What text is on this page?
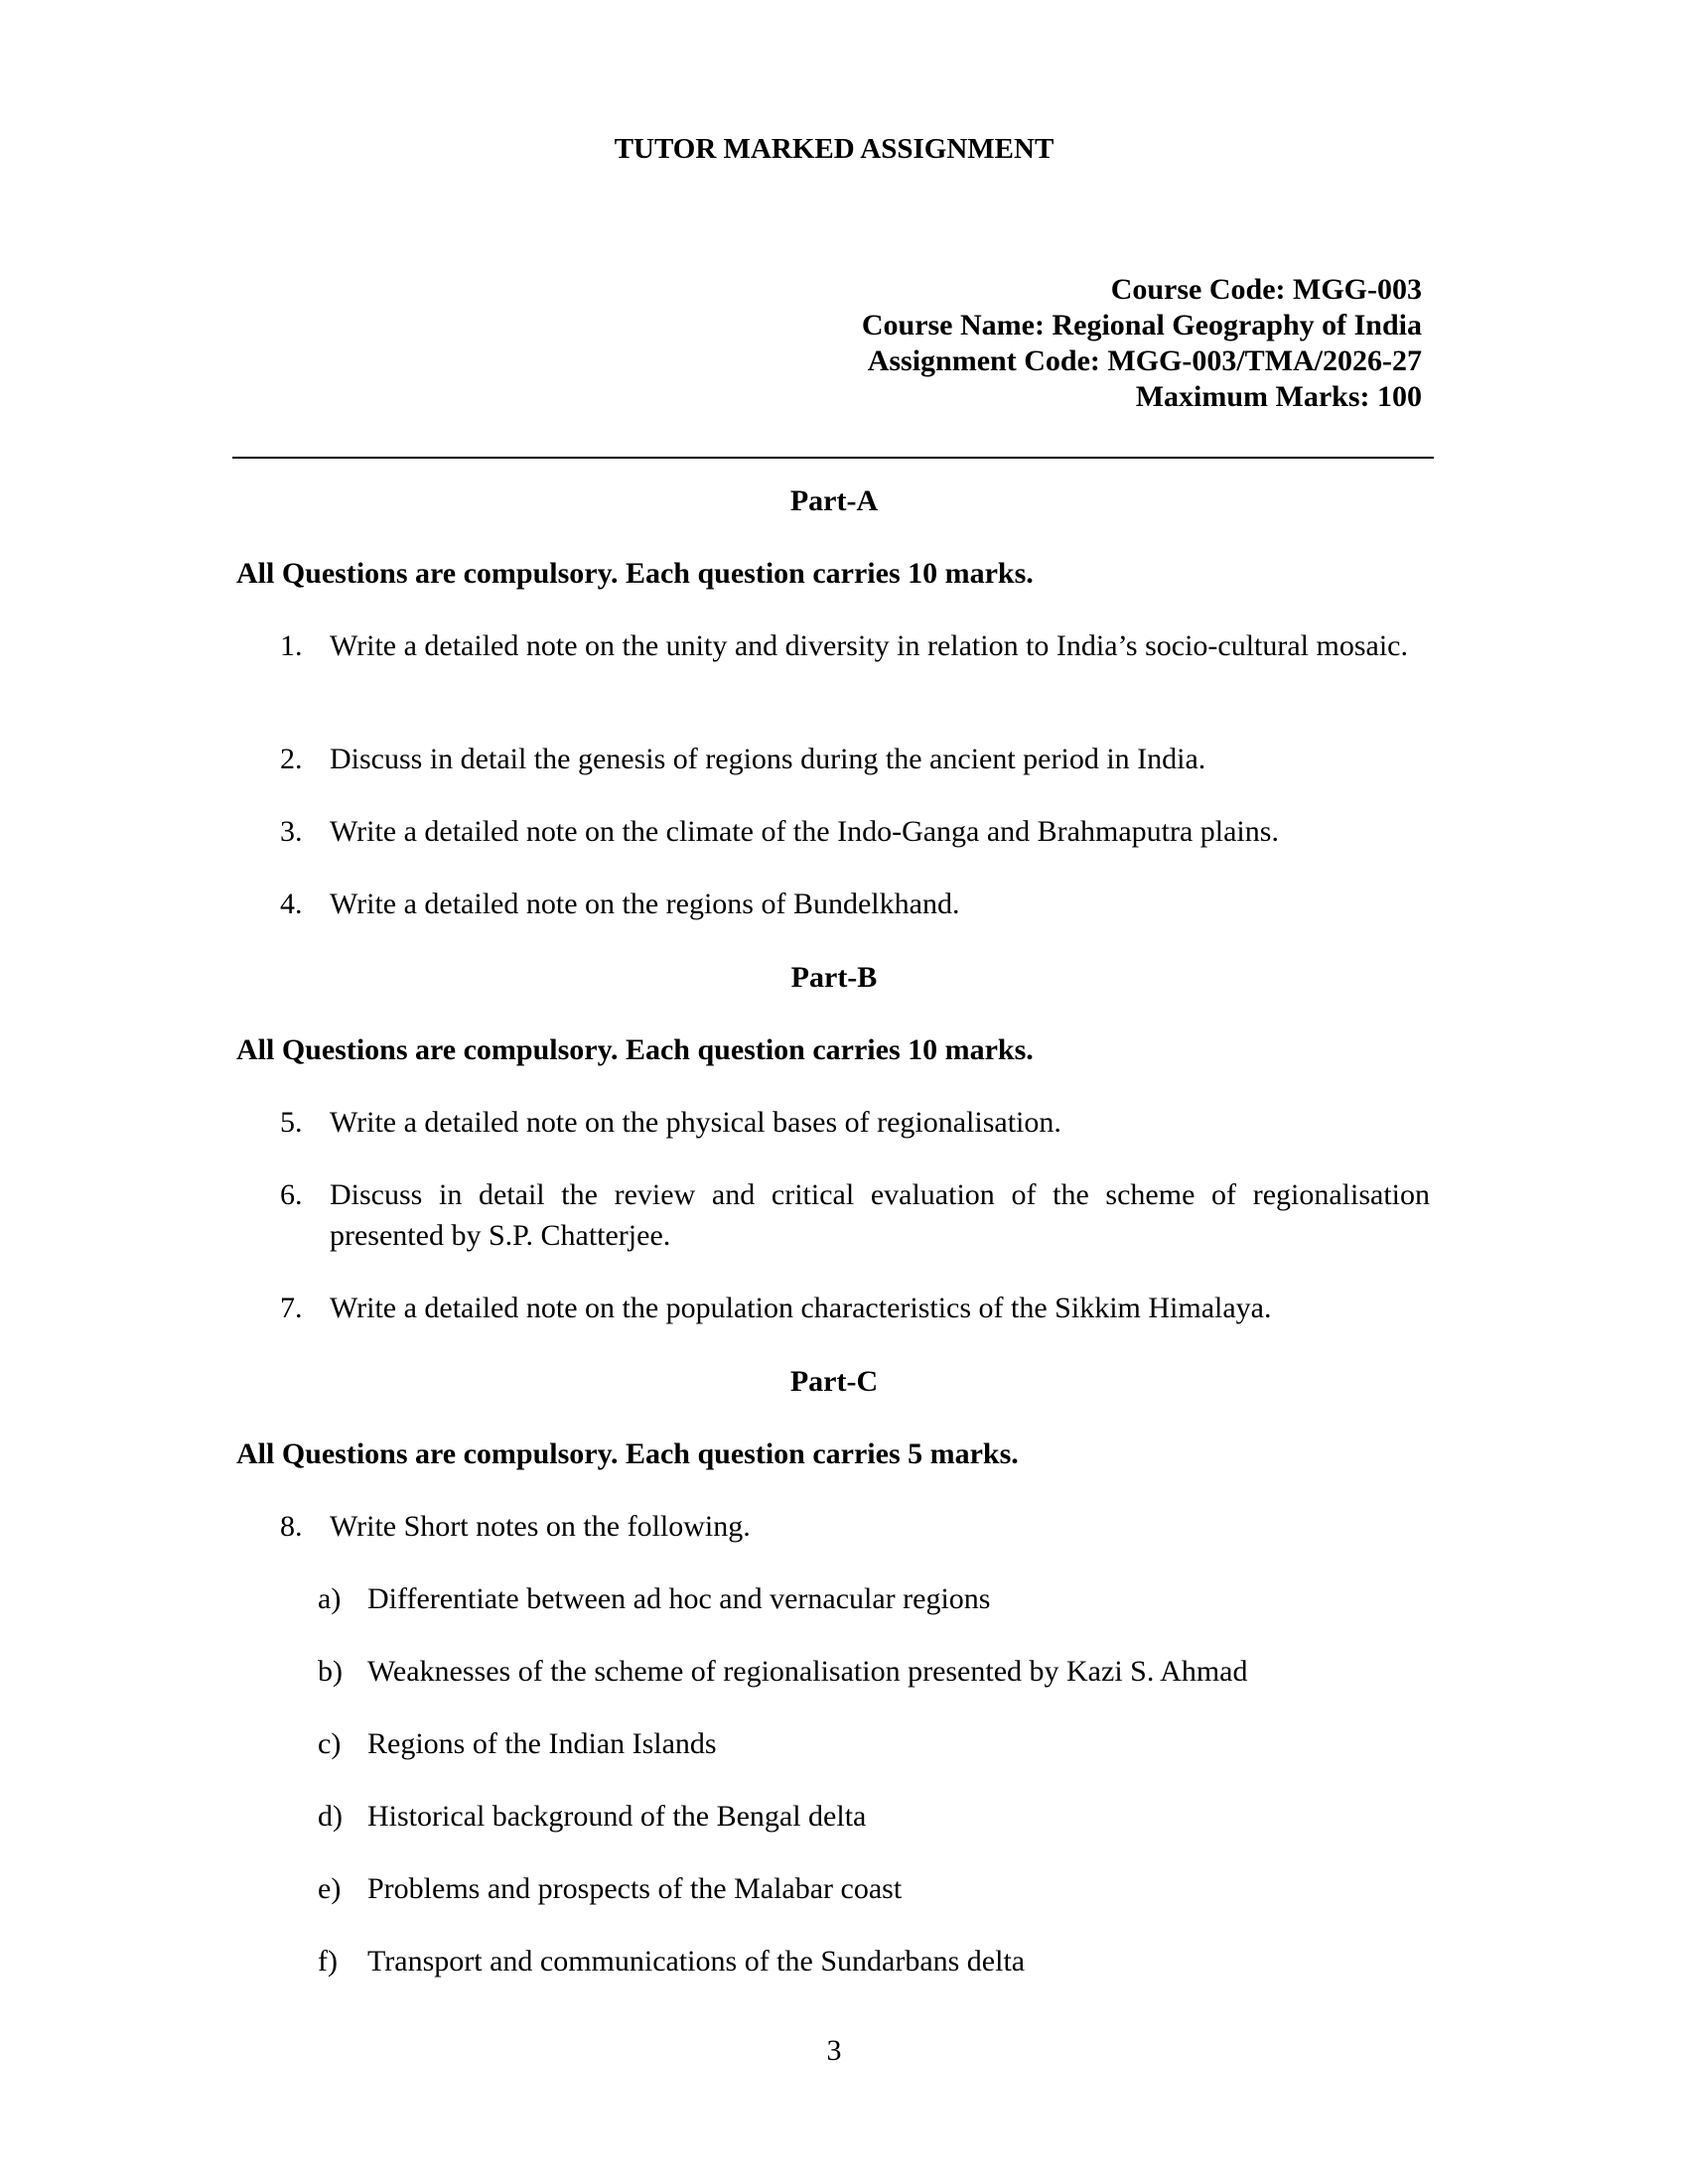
TUTOR MARKED ASSIGNMENT
Course Code: MGG-003
Course Name: Regional Geography of India
Assignment Code: MGG-003/TMA/2026-27
Maximum Marks: 100
Part-A
All Questions are compulsory. Each question carries 10 marks.
1. Write a detailed note on the unity and diversity in relation to India’s socio-cultural mosaic.
2. Discuss in detail the genesis of regions during the ancient period in India.
3. Write a detailed note on the climate of the Indo-Ganga and Brahmaputra plains.
4. Write a detailed note on the regions of Bundelkhand.
Part-B
All Questions are compulsory. Each question carries 10 marks.
5. Write a detailed note on the physical bases of regionalisation.
6. Discuss in detail the review and critical evaluation of the scheme of regionalisation presented by S.P. Chatterjee.
7. Write a detailed note on the population characteristics of the Sikkim Himalaya.
Part-C
All Questions are compulsory. Each question carries 5 marks.
8. Write Short notes on the following.
a) Differentiate between ad hoc and vernacular regions
b) Weaknesses of the scheme of regionalisation presented by Kazi S. Ahmad
c) Regions of the Indian Islands
d) Historical background of the Bengal delta
e) Problems and prospects of the Malabar coast
f) Transport and communications of the Sundarbans delta
3
